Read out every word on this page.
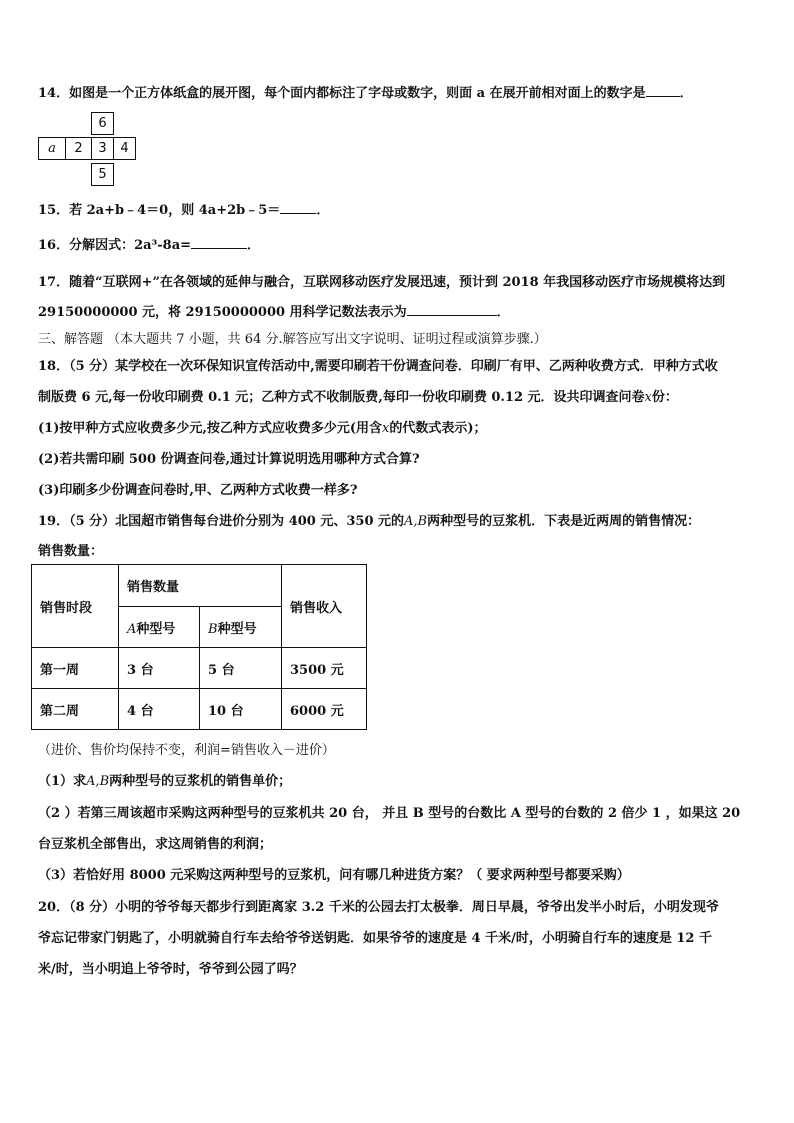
14．如图是一个正方体纸盒的展开图，每个面内都标注了字母或数字，则面 a 在展开前相对面上的数字是	．
6
a	2	3	4
5
15．若 2a+b﹣4＝0，则 4a+2b﹣5＝	．
16．分解因式：2a³-8a=	．
17．随着“互联网+”在各领域的延伸与融合，互联网移动医疗发展迅速，预计到 2018 年我国移动医疗市场规模将达到
29150000000 元，将 29150000000 用科学记数法表示为	．
三、解答题 （本大题共 7 小题，共 64 分.解答应写出文字说明、证明过程或演算步骤.）
18．（5 分）某学校在一次环保知识宣传活动中,需要印刷若干份调查问卷．印刷厂有甲、乙两种收费方式．甲种方式收
制版费 6 元,每一份收印刷费 0.1 元；乙种方式不收制版费,每印一份收印刷费 0.12 元．设共印调查问卷x份：
(1)按甲种方式应收费多少元,按乙种方式应收费多少元(用含x的代数式表示)；
(2)若共需印刷 500 份调查问卷,通过计算说明选用哪种方式合算?
(3)印刷多少份调查问卷时,甲、乙两种方式收费一样多?
19．（5 分）北国超市销售每台进价分别为 400 元、350 元的A,B两种型号的豆浆机．下表是近两周的销售情况：
销售数量：
销售时段	销售数量		销售收入
	A种型号	B种型号	
第一周	3 台	5 台	3500 元
第二周	4 台	10 台	6000 元
（进价、售价均保持不变，利润=销售收入－进价）
（1）求A,B两种型号的豆浆机的销售单价；
（2 ）若第三周该超市采购这两种型号的豆浆机共 20 台， 并且 B 型号的台数比 A 型号的台数的 2 倍少 1 ，如果这 20
台豆浆机全部售出，求这周销售的利润；
（3）若恰好用 8000 元采购这两种型号的豆浆机，问有哪几种进货方案？（ 要求两种型号都要采购）
20．（8 分）小明的爷爷每天都步行到距离家 3.2 千米的公园去打太极拳．周日早晨，爷爷出发半小时后，小明发现爷
爷忘记带家门钥匙了，小明就骑自行车去给爷爷送钥匙．如果爷爷的速度是 4 千米/时，小明骑自行车的速度是 12 千
米/时，当小明追上爷爷时，爷爷到公园了吗？
